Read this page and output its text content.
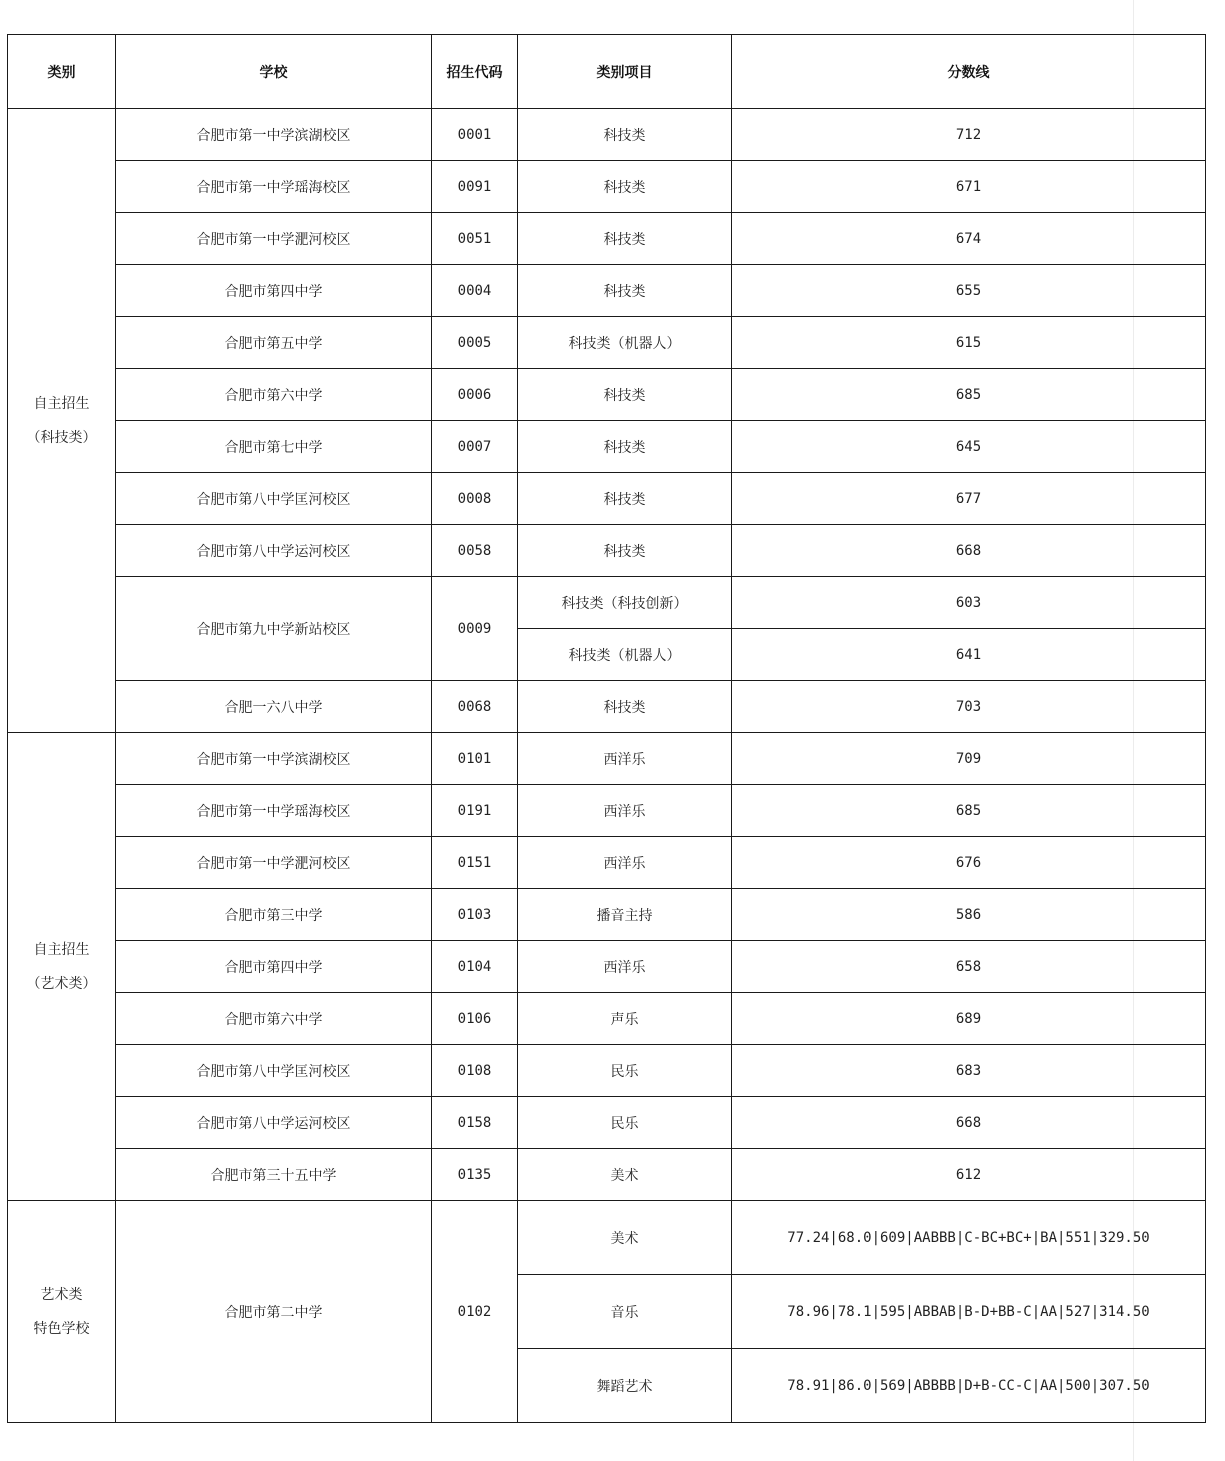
类别	学校	招生代码	类别项目	分数线

自主招生
（科技类）	合肥市第一中学滨湖校区	0001	科技类	712
	合肥市第一中学瑶海校区	0091	科技类	671
	合肥市第一中学淝河校区	0051	科技类	674
	合肥市第四中学	0004	科技类	655
	合肥市第五中学	0005	科技类（机器人）	615
	合肥市第六中学	0006	科技类	685
	合肥市第七中学	0007	科技类	645
	合肥市第八中学匡河校区	0008	科技类	677
	合肥市第八中学运河校区	0058	科技类	668
	合肥市第九中学新站校区	0009	科技类（科技创新）	603
			科技类（机器人）	641
	合肥一六八中学	0068	科技类	703

自主招生
（艺术类）	合肥市第一中学滨湖校区	0101	西洋乐	709
	合肥市第一中学瑶海校区	0191	西洋乐	685
	合肥市第一中学淝河校区	0151	西洋乐	676
	合肥市第三中学	0103	播音主持	586
	合肥市第四中学	0104	西洋乐	658
	合肥市第六中学	0106	声乐	689
	合肥市第八中学匡河校区	0108	民乐	683
	合肥市第八中学运河校区	0158	民乐	668
	合肥市第三十五中学	0135	美术	612

艺术类
特色学校	合肥市第二中学	0102	美术	77.24|68.0|609|AABBB|C-BC+BC+|BA|551|329.50
			音乐	78.96|78.1|595|ABBAB|B-D+BB-C|AA|527|314.50
			舞蹈艺术	78.91|86.0|569|ABBBB|D+B-CC-C|AA|500|307.50
